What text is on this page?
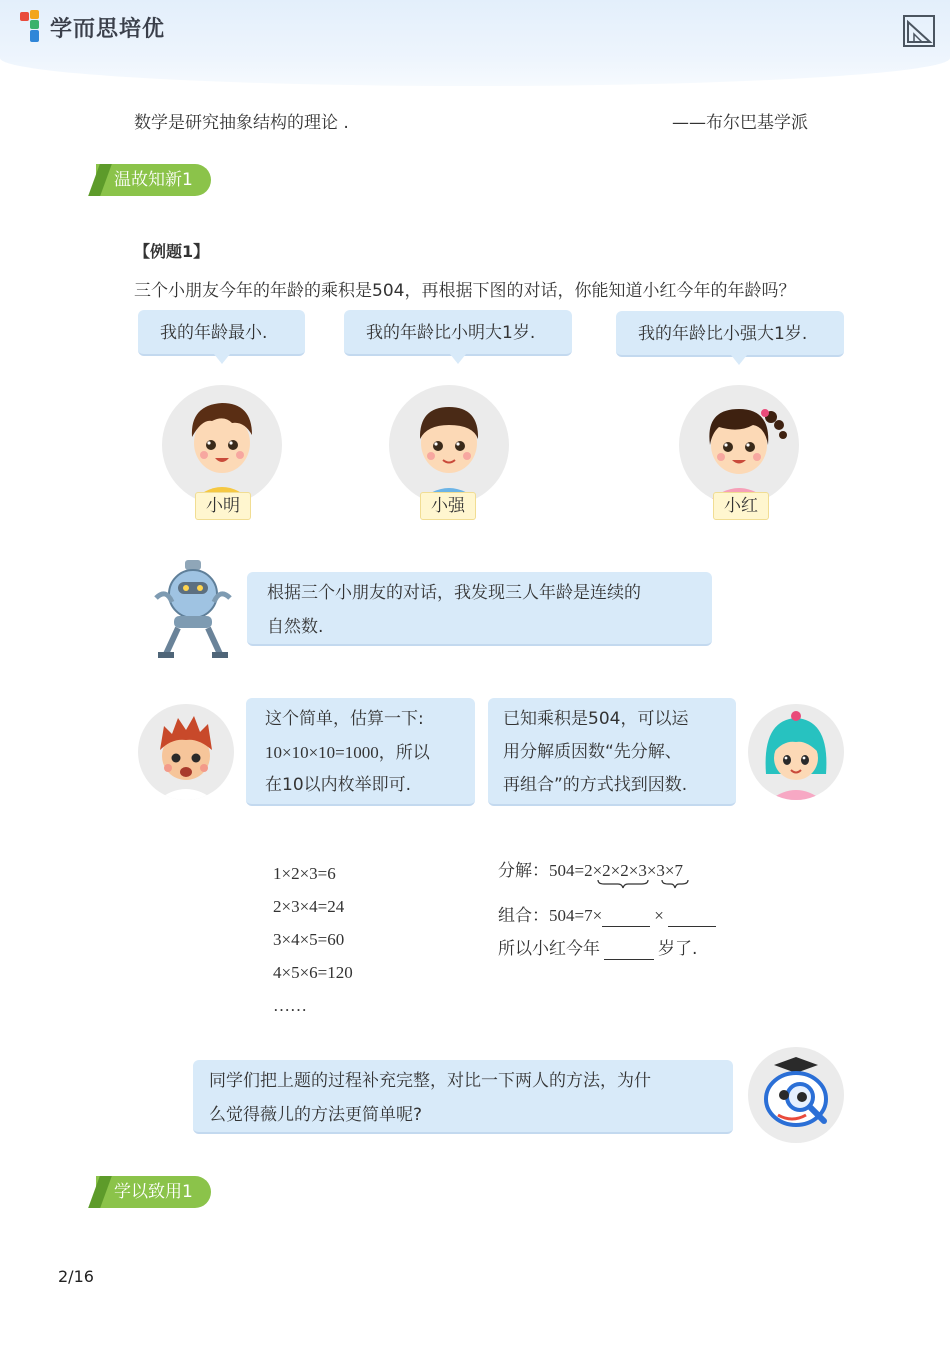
学而思培优
数学是研究抽象结构的理论 .	——布尔巴基学派
温故知新1
【例题1】
三个小朋友今年的年龄的乘积是504，再根据下图的对话，你能知道小红今年的年龄吗？
我的年龄最小.	我的年龄比小明大1岁.	我的年龄比小强大1岁.
小明	小强	小红
根据三个小朋友的对话，我发现三人年龄是连续的
自然数.
这个简单，估算一下:
10×10×10=1000，所以
在10以内枚举即可.
已知乘积是504，可以运
用分解质因数“先分解、
再组合”的方式找到因数.
1×2×3=6
2×3×4=24
3×4×5=60
4×5×6=120
……
分解：504=2×2×2×3×3×7
组合：504=7×	×
所以小红今年	岁了.
同学们把上题的过程补充完整，对比一下两人的方法，为什
么觉得薇儿的方法更简单呢?
学以致用1
2/16
